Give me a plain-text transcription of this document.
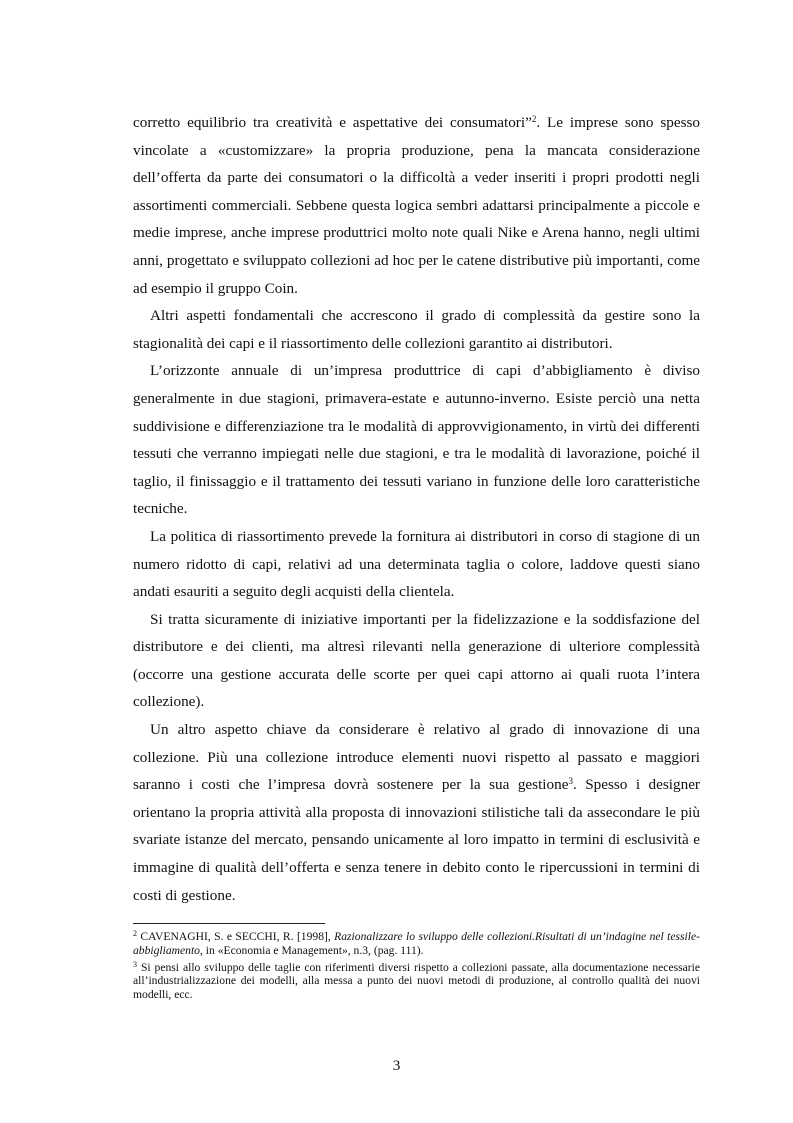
corretto equilibrio tra creatività e aspettative dei consumatori”$^2$. Le imprese sono spesso vincolate a «customizzare» la propria produzione, pena la mancata considerazione dell’offerta da parte dei consumatori o la difficoltà a veder inseriti i propri prodotti negli assortimenti commerciali. Sebbene questa logica sembri adattarsi principalmente a piccole e medie imprese, anche imprese produttrici molto note quali Nike e Arena hanno, negli ultimi anni, progettato e sviluppato collezioni ad hoc per le catene distributive più importanti, come ad esempio il gruppo Coin.

Altri aspetti fondamentali che accrescono il grado di complessità da gestire sono la stagionalità dei capi e il riassortimento delle collezioni garantito ai distributori.

L’orizzonte annuale di un’impresa produttrice di capi d’abbigliamento è diviso generalmente in due stagioni, primavera-estate e autunno-inverno. Esiste perciò una netta suddivisione e differenziazione tra le modalità di approvvigionamento, in virtù dei differenti tessuti che verranno impiegati nelle due stagioni, e tra le modalità di lavorazione, poiché il taglio, il finissaggio e il trattamento dei tessuti variano in funzione delle loro caratteristiche tecniche.

La politica di riassortimento prevede la fornitura ai distributori in corso di stagione di un numero ridotto di capi, relativi ad una determinata taglia o colore, laddove questi siano andati esauriti a seguito degli acquisti della clientela.

Si tratta sicuramente di iniziative importanti per la fidelizzazione e la soddisfazione del distributore e dei clienti, ma altresì rilevanti nella generazione di ulteriore complessità (occorre una gestione accurata delle scorte per quei capi attorno ai quali ruota l’intera collezione).

Un altro aspetto chiave da considerare è relativo al grado di innovazione di una collezione. Più una collezione introduce elementi nuovi rispetto al passato e maggiori saranno i costi che l’impresa dovrà sostenere per la sua gestione$^3$. Spesso i designer orientano la propria attività alla proposta di innovazioni stilistiche tali da assecondare le più svariate istanze del mercato, pensando unicamente al loro impatto in termini di esclusività e immagine di qualità dell’offerta e senza tenere in debito conto le ripercussioni in termini di costi di gestione.

$^2$ CAVENAGHI, S. e SECCHI, R. [1998], Razionalizzare lo sviluppo delle collezioni.Risultati di un’indagine nel tessile-abbigliamento, in «Economia e Management», n.3, (pag. 111).

$^3$ Si pensi allo sviluppo delle taglie con riferimenti diversi rispetto a collezioni passate, alla documentazione necessarie all’industrializzazione dei modelli, alla messa a punto dei nuovi metodi di produzione, al controllo qualità dei nuovi modelli, ecc.

3
